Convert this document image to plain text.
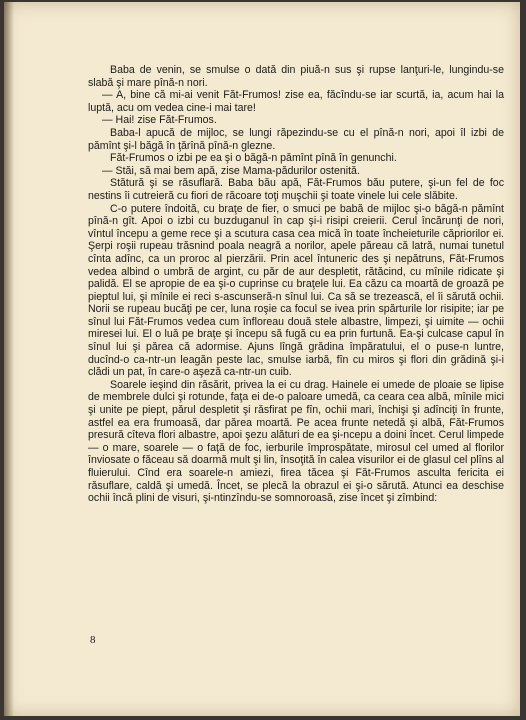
Baba de venin, se smulse o dată din piuă-n sus şi rupse lanţuri-le, lungindu-se slabă şi mare pînă-n nori.

— A, bine că mi-ai venit Făt-Frumos! zise ea, făcîndu-se iar scurtă, ia, acum hai la luptă, acu om vedea cine-i mai tare!

— Hai! zise Făt-Frumos.

Baba-l apucă de mijloc, se lungi răpezindu-se cu el pînă-n nori, apoi îl izbi de pămînt şi-l băgă în ţărînă pînă-n glezne.

Făt-Frumos o izbi pe ea şi o băgă-n pămînt pînă în genunchi.

— Stăi, să mai bem apă, zise Mama-pădurilor ostenită.

Stătură şi se răsuflară. Baba bău apă, Făt-Frumos bău putere, şi-un fel de foc nestins îi cutreieră cu fiori de răcoare toţi muşchii şi toate vinele lui cele slăbite.

C-o putere îndoită, cu braţe de fier, o smuci pe babă de mijloc şi-o băgă-n pămînt pînă-n gît. Apoi o izbi cu buzduganul în cap şi-i risipi creierii. Cerul încărunţi de nori, vîntul începu a geme rece şi a scutura casa cea mică în toate încheieturile căpriorilor ei. Şerpi roşii rupeau trăsnind poala neagră a norilor, apele păreau că latră, numai tunetul cînta adînc, ca un proroc al pierzării. Prin acel întuneric des şi nepătruns, Făt-Frumos vedea albind o umbră de argint, cu păr de aur despletit, rătăcind, cu mînile ridicate şi palidă. El se apropie de ea şi-o cuprinse cu braţele lui. Ea căzu ca moartă de groază pe pieptul lui, şi mînile ei reci s-ascunseră-n sînul lui. Ca să se trezească, el îi sărută ochii. Norii se rupeau bucăţi pe cer, luna roşie ca focul se ivea prin spărturile lor risipite; iar pe sînul lui Făt-Frumos vedea cum înfloreau două stele albastre, limpezi, şi uimite — ochii miresei lui. El o luă pe braţe şi începu să fugă cu ea prin furtună. Ea-şi culcase capul în sînul lui şi părea că adormise. Ajuns lîngă grădina împăratului, el o puse-n luntre, ducînd-o ca-ntr-un leagăn peste lac, smulse iarbă, fîn cu miros şi flori din grădină şi-i clădi un pat, în care-o aşeză ca-ntr-un cuib.

Soarele ieşind din răsărit, privea la ei cu drag. Hainele ei umede de ploaie se lipise de membrele dulci şi rotunde, faţa ei de-o paloare umedă, ca ceara cea albă, mînile mici şi unite pe piept, părul despletit şi răsfirat pe fîn, ochii mari, închişi şi adînciţi în frunte, astfel ea era frumoasă, dar părea moartă. Pe acea frunte netedă şi albă, Făt-Frumos presură cîteva flori albastre, apoi şezu alături de ea şi-ncepu a doini încet. Cerul limpede — o mare, soarele — o faţă de foc, ierburile împrospătate, mirosul cel umed al florilor înviosate o făceau să doarmă mult şi lin, însoţită în calea visurilor ei de glasul cel plîns al fluierului. Cînd era soarele-n amiezi, firea tăcea şi Făt-Frumos asculta fericita ei răsuflare, caldă şi umedă. Încet, se plecă la obrazul ei şi-o sărută. Atunci ea deschise ochii încă plini de visuri, şi-ntinzîndu-se somnoroasă, zise încet şi zîmbind:

8
